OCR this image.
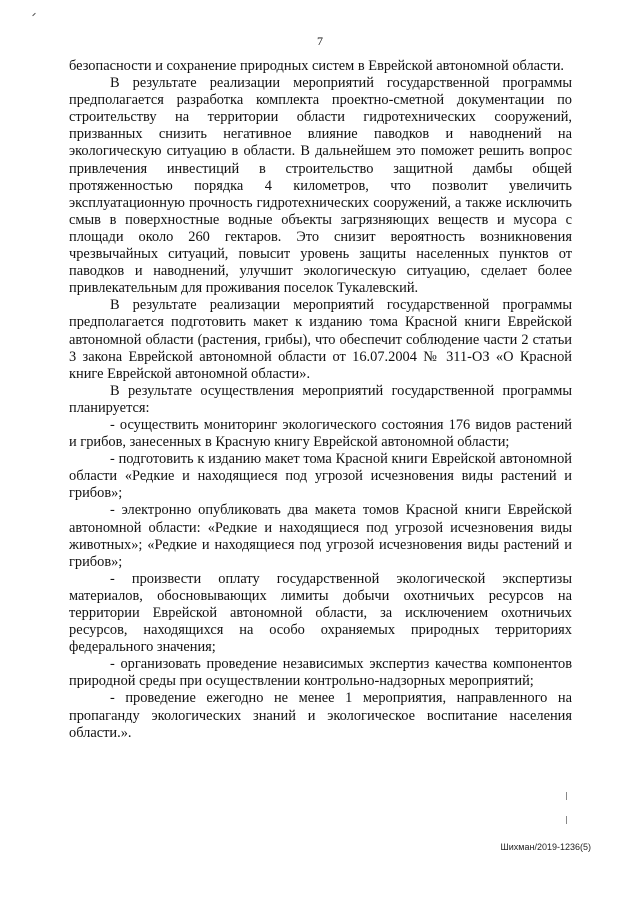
7

безопасности и сохранение природных систем в Еврейской автономной области.

В результате реализации мероприятий государственной программы предполагается разработка комплекта проектно-сметной документации по строительству на территории области гидротехнических сооружений, призванных снизить негативное влияние паводков и наводнений на экологическую ситуацию в области. В дальнейшем это поможет решить вопрос привлечения инвестиций в строительство защитной дамбы общей протяженностью порядка 4 километров, что позволит увеличить эксплуатационную прочность гидротехнических сооружений, а также исключить смыв в поверхностные водные объекты загрязняющих веществ и мусора с площади около 260 гектаров. Это снизит вероятность возникновения чрезвычайных ситуаций, повысит уровень защиты населенных пунктов от паводков и наводнений, улучшит экологическую ситуацию, сделает более привлекательным для проживания поселок Тукалевский.

В результате реализации мероприятий государственной программы предполагается подготовить макет к изданию тома Красной книги Еврейской автономной области (растения, грибы), что обеспечит соблюдение части 2 статьи 3 закона Еврейской автономной области от 16.07.2004 № 311-ОЗ «О Красной книге Еврейской автономной области».

В результате осуществления мероприятий государственной программы планируется:

- осуществить мониторинг экологического состояния 176 видов растений и грибов, занесенных в Красную книгу Еврейской автономной области;

- подготовить к изданию макет тома Красной книги Еврейской автономной области «Редкие и находящиеся под угрозой исчезновения виды растений и грибов»;

- электронно опубликовать два макета томов Красной книги Еврейской автономной области: «Редкие и находящиеся под угрозой исчезновения виды животных»; «Редкие и находящиеся под угрозой исчезновения виды растений и грибов»;

- произвести оплату государственной экологической экспертизы материалов, обосновывающих лимиты добычи охотничьих ресурсов на территории Еврейской автономной области, за исключением охотничьих ресурсов, находящихся на особо охраняемых природных территориях федерального значения;

- организовать проведение независимых экспертиз качества компонентов природной среды при осуществлении контрольно-надзорных мероприятий;

- проведение ежегодно не менее 1 мероприятия, направленного на пропаганду экологических знаний и экологическое воспитание населения области.».

Шихман/2019-1236(5)
